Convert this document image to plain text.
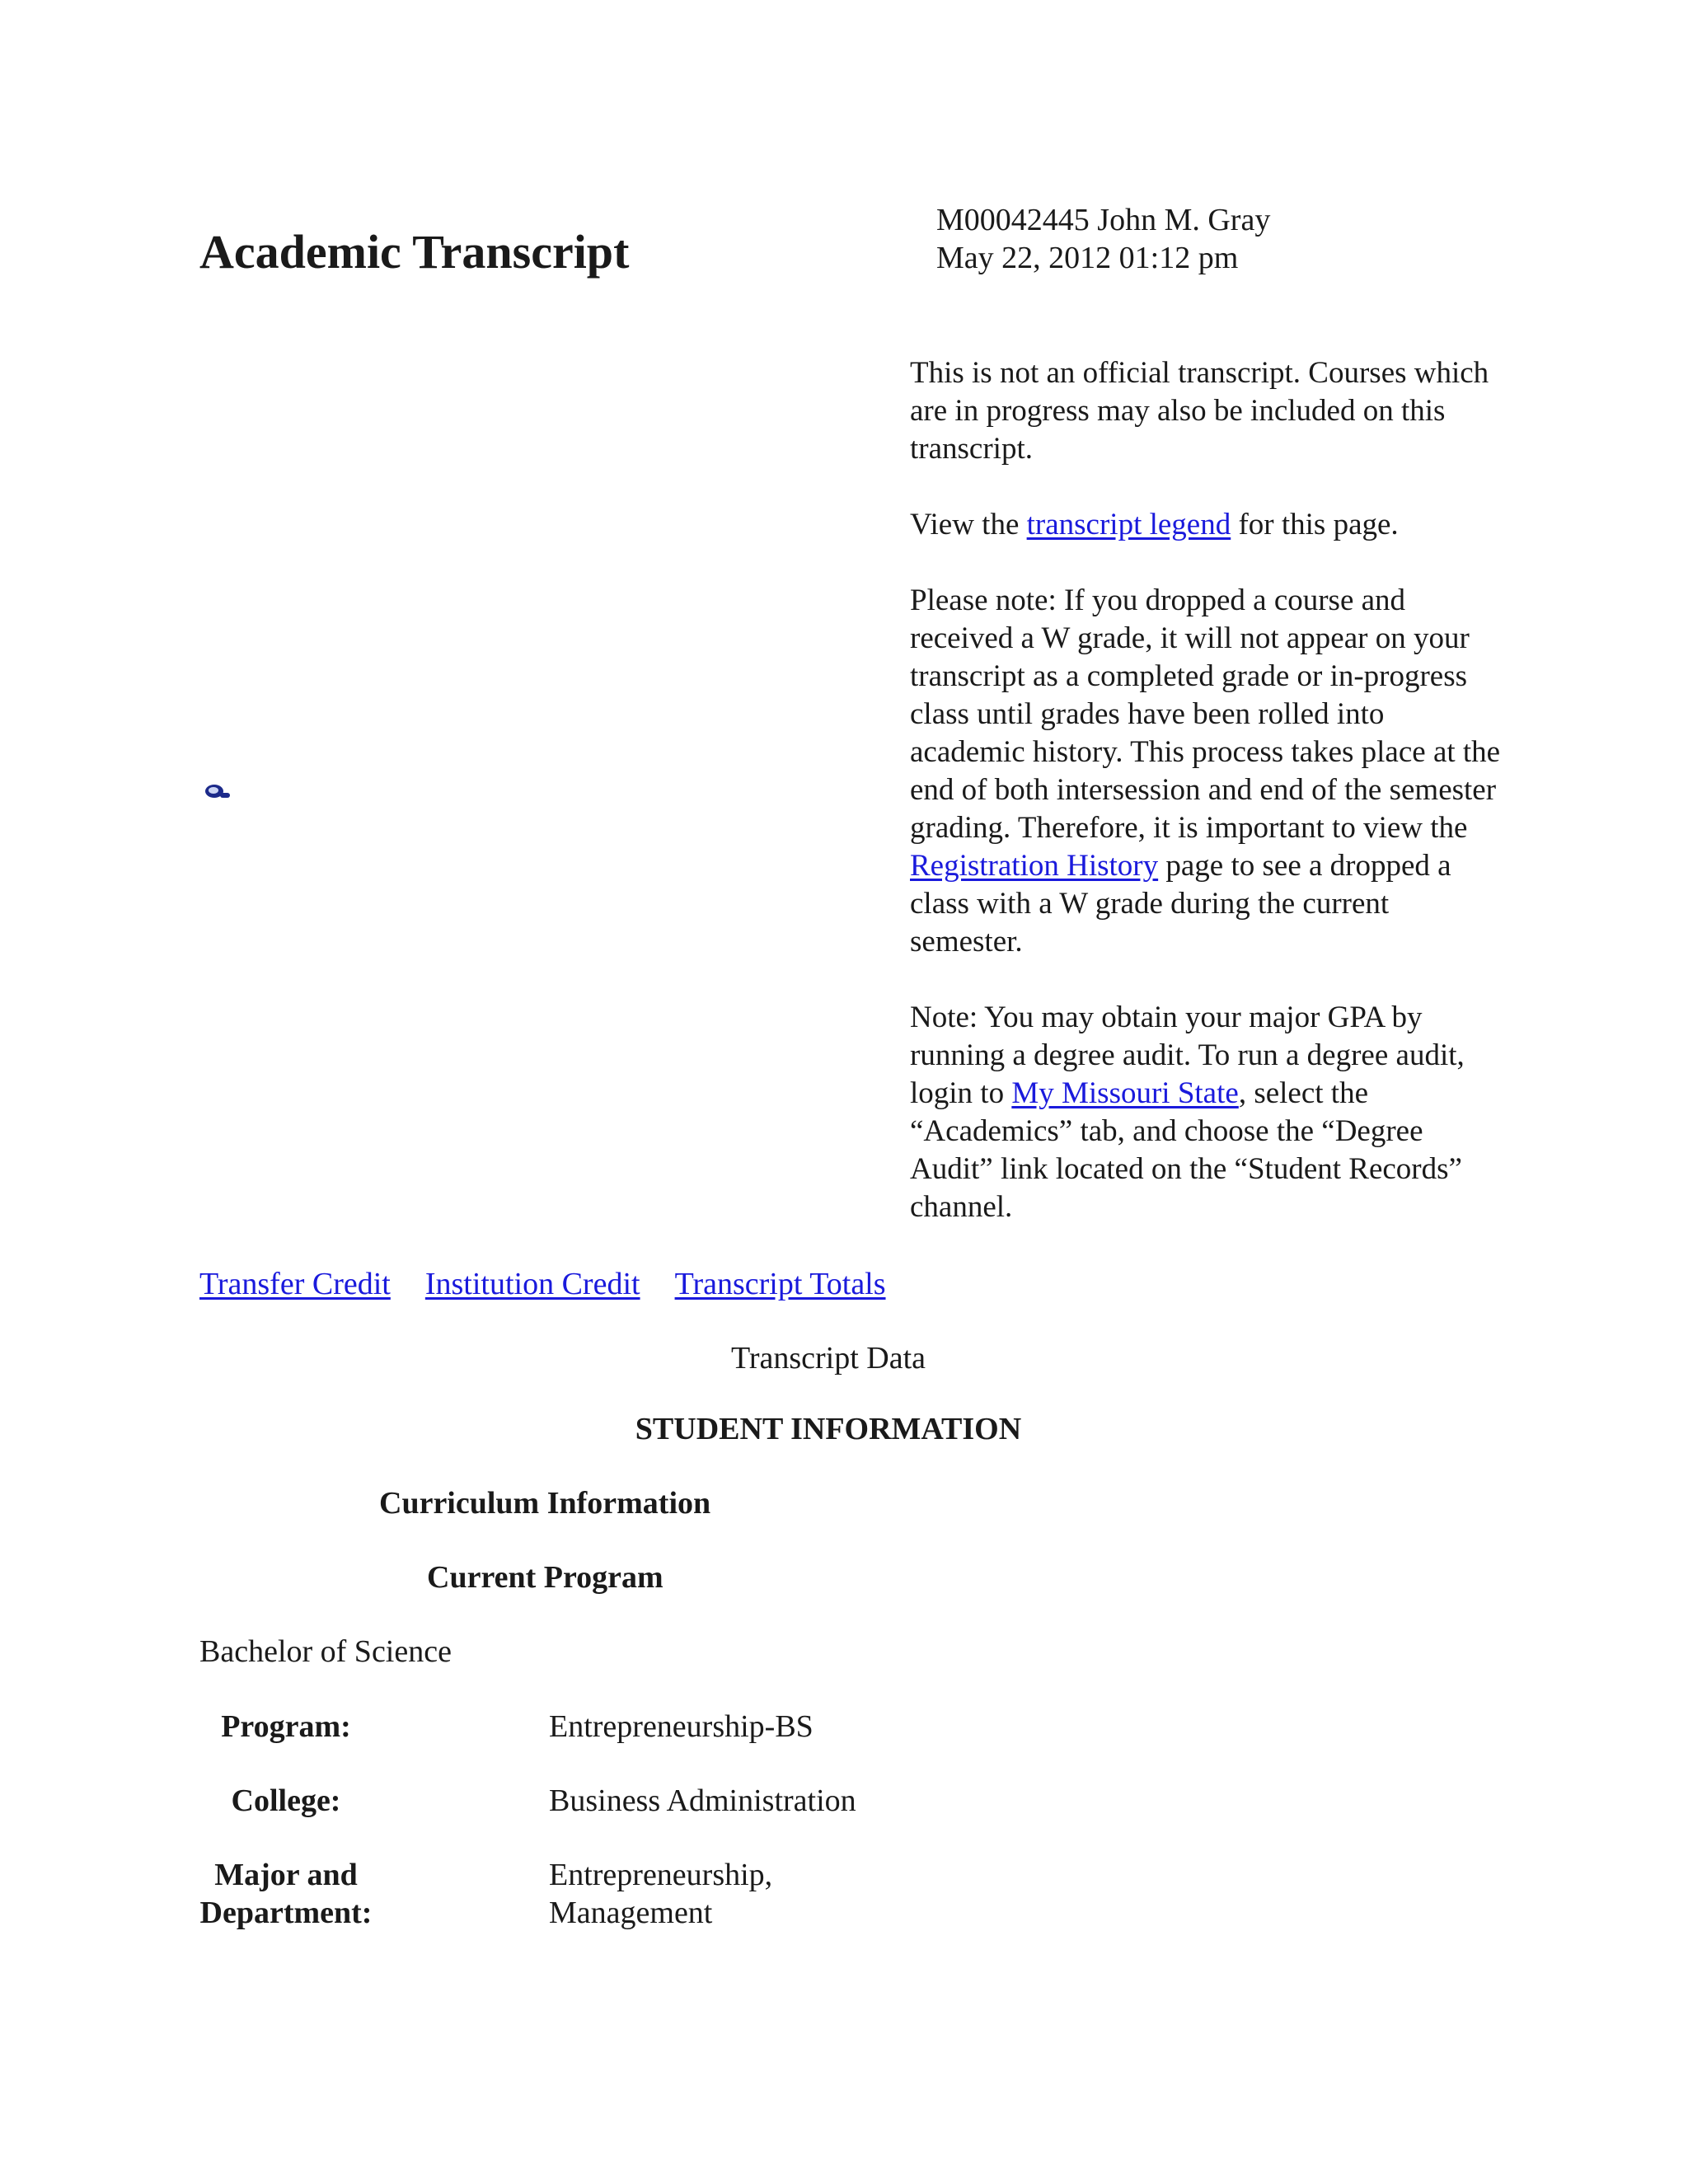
Academic Transcript
M00042445 John M. Gray
May 22, 2012 01:12 pm

This is not an official transcript. Courses which are in progress may also be included on this transcript.

View the transcript legend for this page.

Please note: If you dropped a course and received a W grade, it will not appear on your transcript as a completed grade or in-progress class until grades have been rolled into academic history. This process takes place at the end of both intersession and end of the semester grading. Therefore, it is important to view the Registration History page to see a dropped a class with a W grade during the current semester.

Note: You may obtain your major GPA by running a degree audit. To run a degree audit, login to My Missouri State, select the “Academics” tab, and choose the “Degree Audit” link located on the “Student Records” channel.

Transfer Credit Institution Credit Transcript Totals
Transcript Data
STUDENT INFORMATION
Curriculum Information
Current Program
Bachelor of Science
Program:	Entrepreneurship-BS
College:	Business Administration
Major and
Department:
Entrepreneurship,
Management
